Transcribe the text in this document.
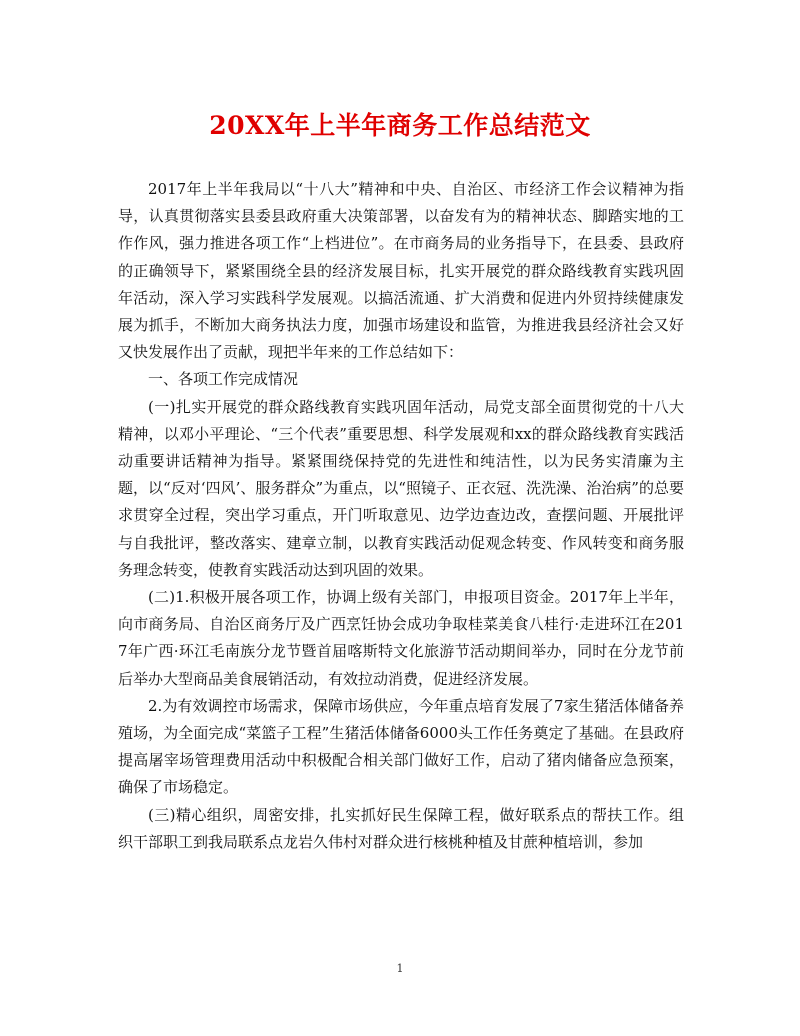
20XX年上半年商务工作总结范文

2017年上半年我局以“十八大”精神和中央、自治区、市经济工作会议精神为指导，认真贯彻落实县委县政府重大决策部署，以奋发有为的精神状态、脚踏实地的工作作风，强力推进各项工作“上档进位”。在市商务局的业务指导下，在县委、县政府的正确领导下，紧紧围绕全县的经济发展目标，扎实开展党的群众路线教育实践巩固年活动，深入学习实践科学发展观。以搞活流通、扩大消费和促进内外贸持续健康发展为抓手，不断加大商务执法力度，加强市场建设和监管，为推进我县经济社会又好又快发展作出了贡献，现把半年来的工作总结如下：

一、各项工作完成情况

(一)扎实开展党的群众路线教育实践巩固年活动，局党支部全面贯彻党的十八大精神，以邓小平理论、“三个代表”重要思想、科学发展观和xx的群众路线教育实践活动重要讲话精神为指导。紧紧围绕保持党的先进性和纯洁性，以为民务实清廉为主题，以“反对‘四风’、服务群众”为重点，以“照镜子、正衣冠、洗洗澡、治治病”的总要求贯穿全过程，突出学习重点，开门听取意见、边学边查边改，查摆问题、开展批评与自我批评，整改落实、建章立制，以教育实践活动促观念转变、作风转变和商务服务理念转变，使教育实践活动达到巩固的效果。

(二)1.积极开展各项工作，协调上级有关部门，申报项目资金。2017年上半年，向市商务局、自治区商务厅及广西烹饪协会成功争取桂菜美食八桂行·走进环江在2017年广西·环江毛南族分龙节暨首届喀斯特文化旅游节活动期间举办，同时在分龙节前后举办大型商品美食展销活动，有效拉动消费，促进经济发展。

2.为有效调控市场需求，保障市场供应，今年重点培育发展了7家生猪活体储备养殖场，为全面完成“菜篮子工程”生猪活体储备6000头工作任务奠定了基础。在县政府提高屠宰场管理费用活动中积极配合相关部门做好工作，启动了猪肉储备应急预案，确保了市场稳定。

(三)精心组织，周密安排，扎实抓好民生保障工程，做好联系点的帮扶工作。组织干部职工到我局联系点龙岩久伟村对群众进行核桃种植及甘蔗种植培训，参加

1
